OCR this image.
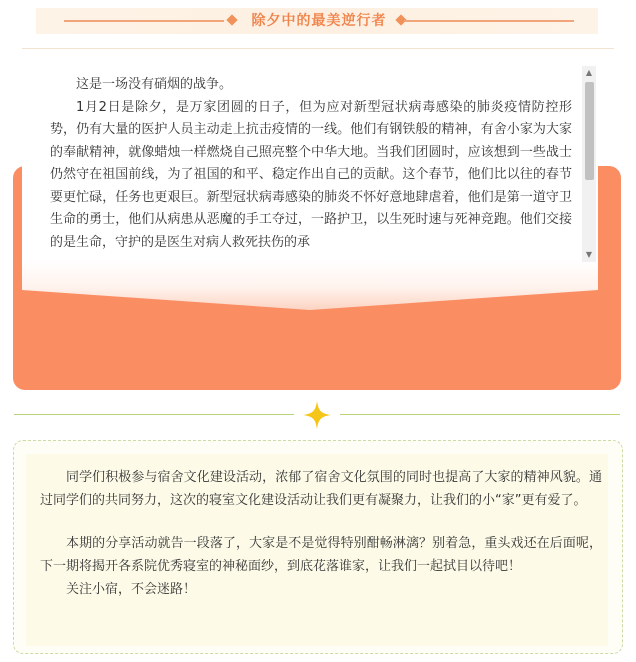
除夕中的最美逆行者

这是一场没有硝烟的战争。

1月2日是除夕，是万家团圆的日子，但为应对新型冠状病毒感染的肺炎疫情防控形势，仍有大量的医护人员主动走上抗击疫情的一线。他们有钢铁般的精神，有舍小家为大家的奉献精神，就像蜡烛一样燃烧自己照亮整个中华大地。当我们团圆时，应该想到一些战士仍然守在祖国前线，为了祖国的和平、稳定作出自己的贡献。这个春节，他们比以往的春节要更忙碌，任务也更艰巨。新型冠状病毒感染的肺炎不怀好意地肆虐着，他们是第一道守卫生命的勇士，他们从病患从恶魔的手工夺过，一路护卫，以生死时速与死神竞跑。他们交接的是生命，守护的是医生对病人救死扶伤的承

▲
▼

同学们积极参与宿舍文化建设活动，浓郁了宿舍文化氛围的同时也提高了大家的精神风貌。通过同学们的共同努力，这次的寝室文化建设活动让我们更有凝聚力，让我们的小“家”更有爱了。

本期的分享活动就告一段落了，大家是不是觉得特别酣畅淋漓？别着急，重头戏还在后面呢，下一期将揭开各系院优秀寝室的神秘面纱，到底花落谁家，让我们一起拭目以待吧！

关注小宿，不会迷路！
